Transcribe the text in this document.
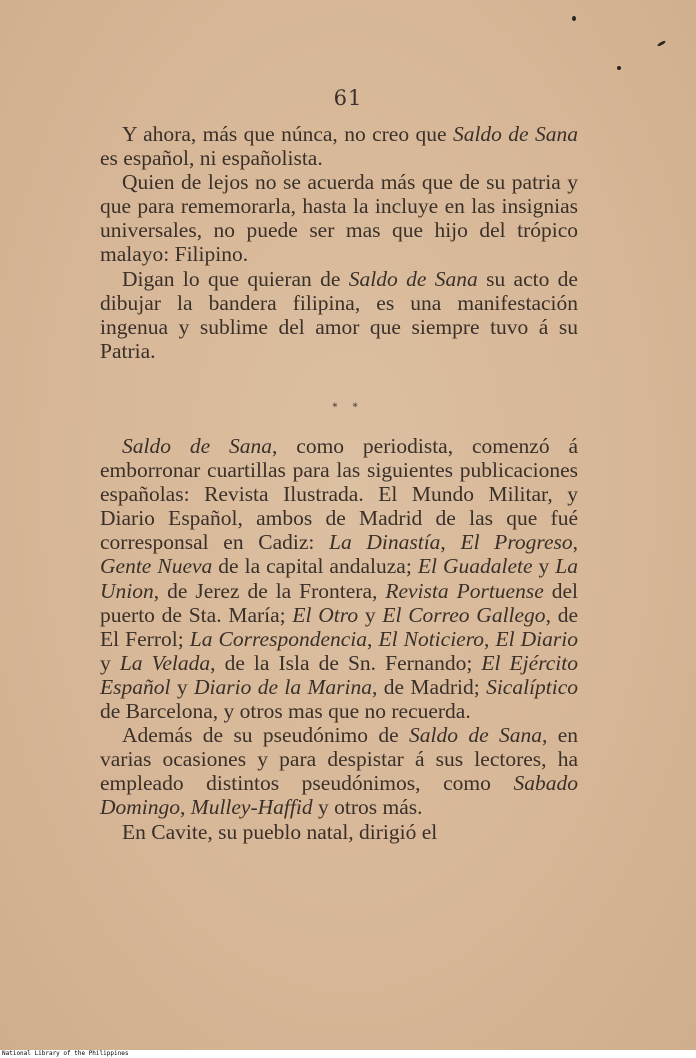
61

Y ahora, más que núnca, no creo que Saldo de Sana es español, ni españolista.

Quien de lejos no se acuerda más que de su patria y que para rememorarla, hasta la incluye en las insignias universales, no puede ser mas que hijo del trópico malayo: Filipino.

Digan lo que quieran de Saldo de Sana su acto de dibujar la bandera filipina, es una manifestación ingenua y sublime del amor que siempre tuvo á su Patria.

* *

Saldo de Sana, como periodista, comenzó á emborronar cuartillas para las siguientes publicaciones españolas: Revista Ilustrada. El Mundo Militar, y Diario Español, ambos de Madrid de las que fué corresponsal en Cadiz: La Dinastía, El Progreso, Gente Nueva de la capital andaluza; El Guadalete y La Union, de Jerez de la Frontera, Revista Portuense del puerto de Sta. María; El Otro y El Correo Gallego, de El Ferrol; La Correspondencia, El Noticiero, El Diario y La Velada, de la Isla de Sn. Fernando; El Ejército Español y Diario de la Marina, de Madrid; Sicalíptico de Barcelona, y otros mas que no recuerda.

Además de su pseudónimo de Saldo de Sana, en varias ocasiones y para despistar á sus lectores, ha empleado distintos pseudónimos, como Sabado Domingo, Mulley-Haffid y otros más.

En Cavite, su pueblo natal, dirigió el

National Library of the Philippines
